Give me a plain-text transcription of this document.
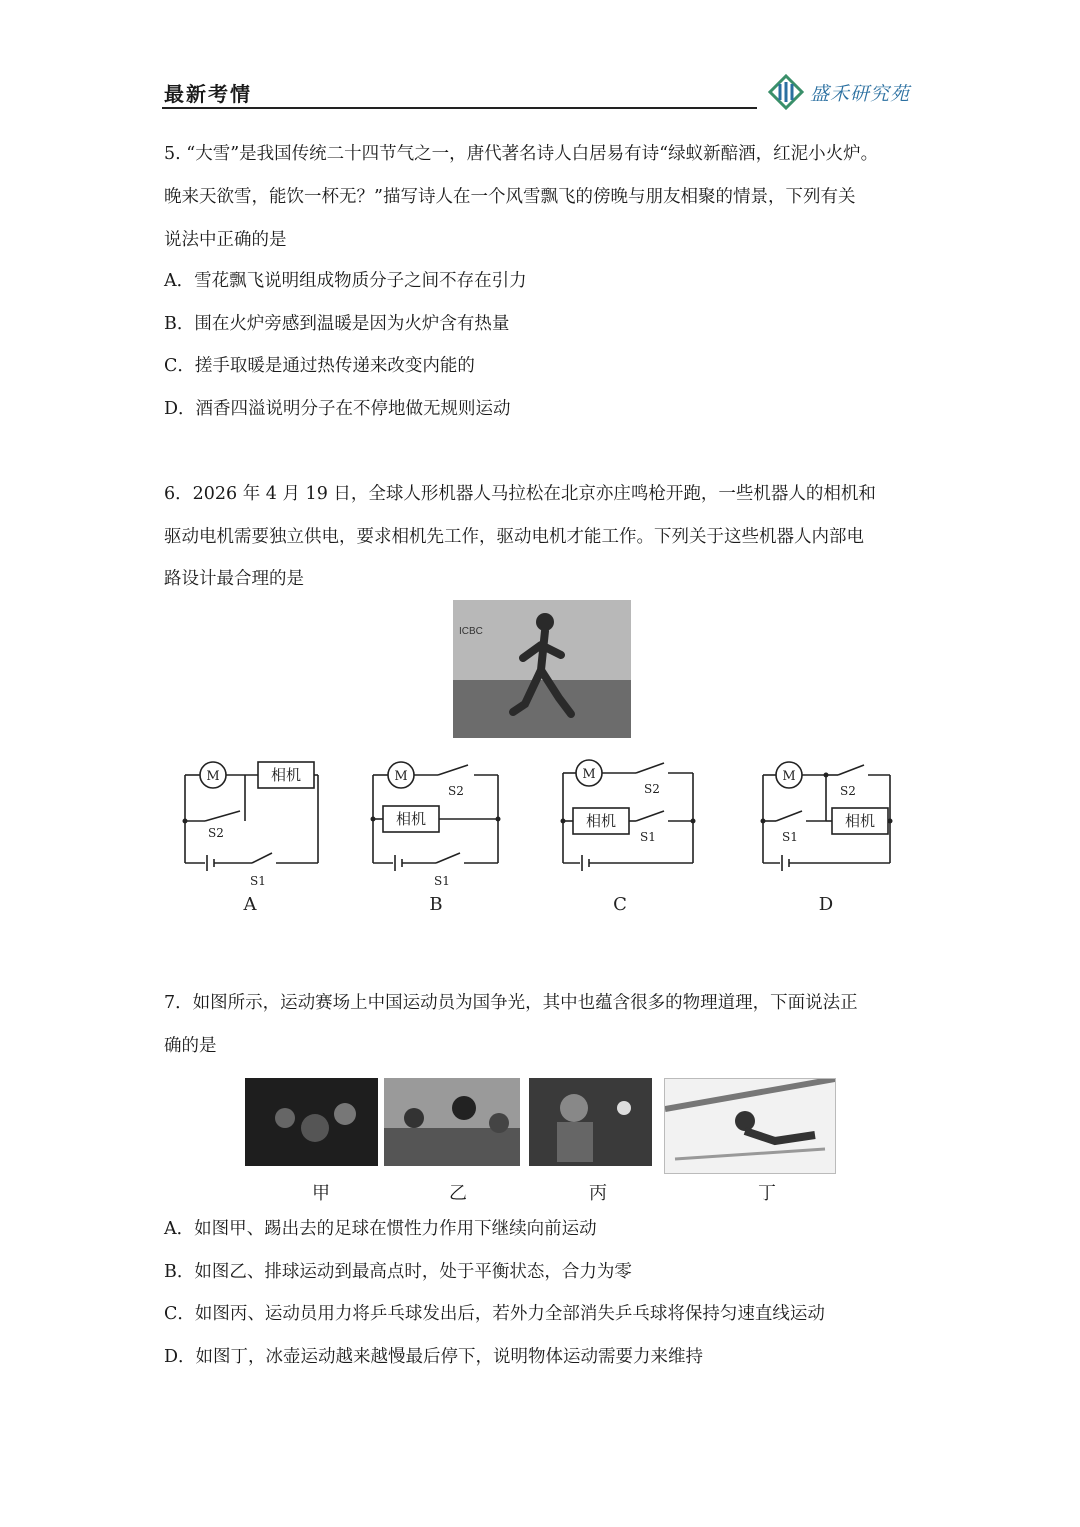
最新考情	盛禾研究苑
5. “大雪”是我国传统二十四节气之一，唐代著名诗人白居易有诗“绿蚁新醅酒，红泥小火炉。
晚来天欲雪，能饮一杯无？”描写诗人在一个风雪飘飞的傍晚与朋友相聚的情景，下列有关
说法中正确的是
A．雪花飘飞说明组成物质分子之间不存在引力
B．围在火炉旁感到温暖是因为火炉含有热量
C．搓手取暖是通过热传递来改变内能的
D．酒香四溢说明分子在不停地做无规则运动
6．2026 年 4 月 19 日，全球人形机器人马拉松在北京亦庄鸣枪开跑，一些机器人的相机和
驱动电机需要独立供电，要求相机先工作，驱动电机才能工作。下列关于这些机器人内部电
路设计最合理的是
ICBC
M	相机
S2
S1
A
M
S2
相机
S1
B
M
S2
相机
S1
C
M
S2
S1
相机
D
7．如图所示，运动赛场上中国运动员为国争光，其中也蕴含很多的物理道理，下面说法正
确的是
甲	乙	丙	丁
A．如图甲、踢出去的足球在惯性力作用下继续向前运动
B．如图乙、排球运动到最高点时，处于平衡状态，合力为零
C．如图丙、运动员用力将乒乓球发出后，若外力全部消失乒乓球将保持匀速直线运动
D．如图丁，冰壶运动越来越慢最后停下，说明物体运动需要力来维持
